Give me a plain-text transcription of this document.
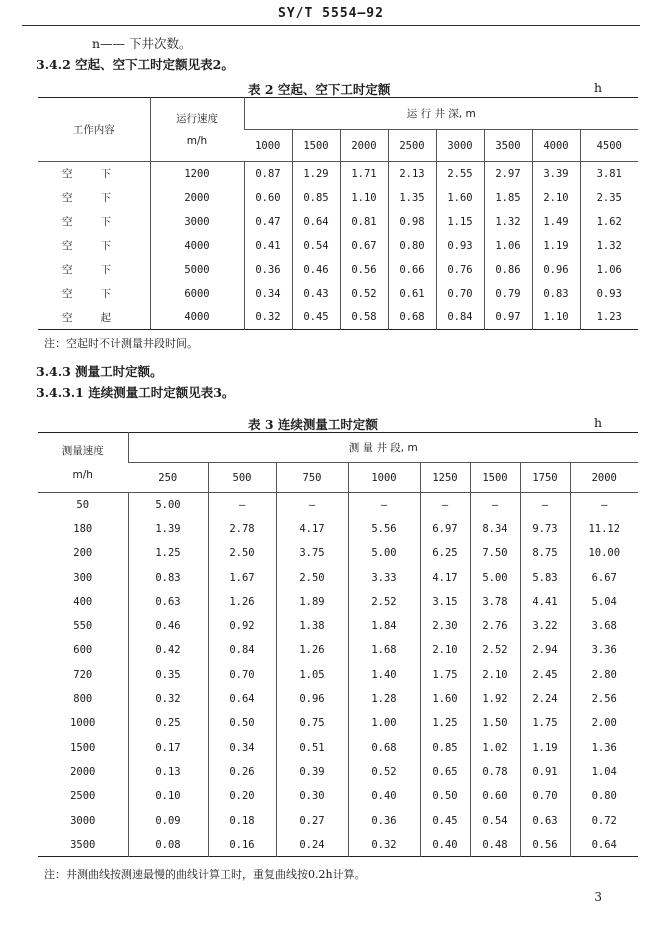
SY/T 5554—92
n—— 下井次数。
3.4.2 空起、空下工时定额见表2。
表 2 空起、空下工时定额	h
工作内容	运行速度
m/h	运 行 井 深, m							
		1000	1500	2000	2500	3000	3500	4000	4500
空 下	1200	0.87	1.29	1.71	2.13	2.55	2.97	3.39	3.81
空 下	2000	0.60	0.85	1.10	1.35	1.60	1.85	2.10	2.35
空 下	3000	0.47	0.64	0.81	0.98	1.15	1.32	1.49	1.62
空 下	4000	0.41	0.54	0.67	0.80	0.93	1.06	1.19	1.32
空 下	5000	0.36	0.46	0.56	0.66	0.76	0.86	0.96	1.06
空 下	6000	0.34	0.43	0.52	0.61	0.70	0.79	0.83	0.93
空 起	4000	0.32	0.45	0.58	0.68	0.84	0.97	1.10	1.23
注：空起时不计测量井段时间。
3.4.3 测量工时定额。
3.4.3.1 连续测量工时定额见表3。
表 3 连续测量工时定额	h
测量速度
m/h	测 量 井 段, m							
	250	500	750	1000	1250	1500	1750	2000
50	5.00	—	—	—	—	—	—	—
180	1.39	2.78	4.17	5.56	6.97	8.34	9.73	11.12
200	1.25	2.50	3.75	5.00	6.25	7.50	8.75	10.00
300	0.83	1.67	2.50	3.33	4.17	5.00	5.83	6.67
400	0.63	1.26	1.89	2.52	3.15	3.78	4.41	5.04
550	0.46	0.92	1.38	1.84	2.30	2.76	3.22	3.68
600	0.42	0.84	1.26	1.68	2.10	2.52	2.94	3.36
720	0.35	0.70	1.05	1.40	1.75	2.10	2.45	2.80
800	0.32	0.64	0.96	1.28	1.60	1.92	2.24	2.56
1000	0.25	0.50	0.75	1.00	1.25	1.50	1.75	2.00
1500	0.17	0.34	0.51	0.68	0.85	1.02	1.19	1.36
2000	0.13	0.26	0.39	0.52	0.65	0.78	0.91	1.04
2500	0.10	0.20	0.30	0.40	0.50	0.60	0.70	0.80
3000	0.09	0.18	0.27	0.36	0.45	0.54	0.63	0.72
3500	0.08	0.16	0.24	0.32	0.40	0.48	0.56	0.64
注：井测曲线按测速最慢的曲线计算工时，重复曲线按0.2h计算。
3
